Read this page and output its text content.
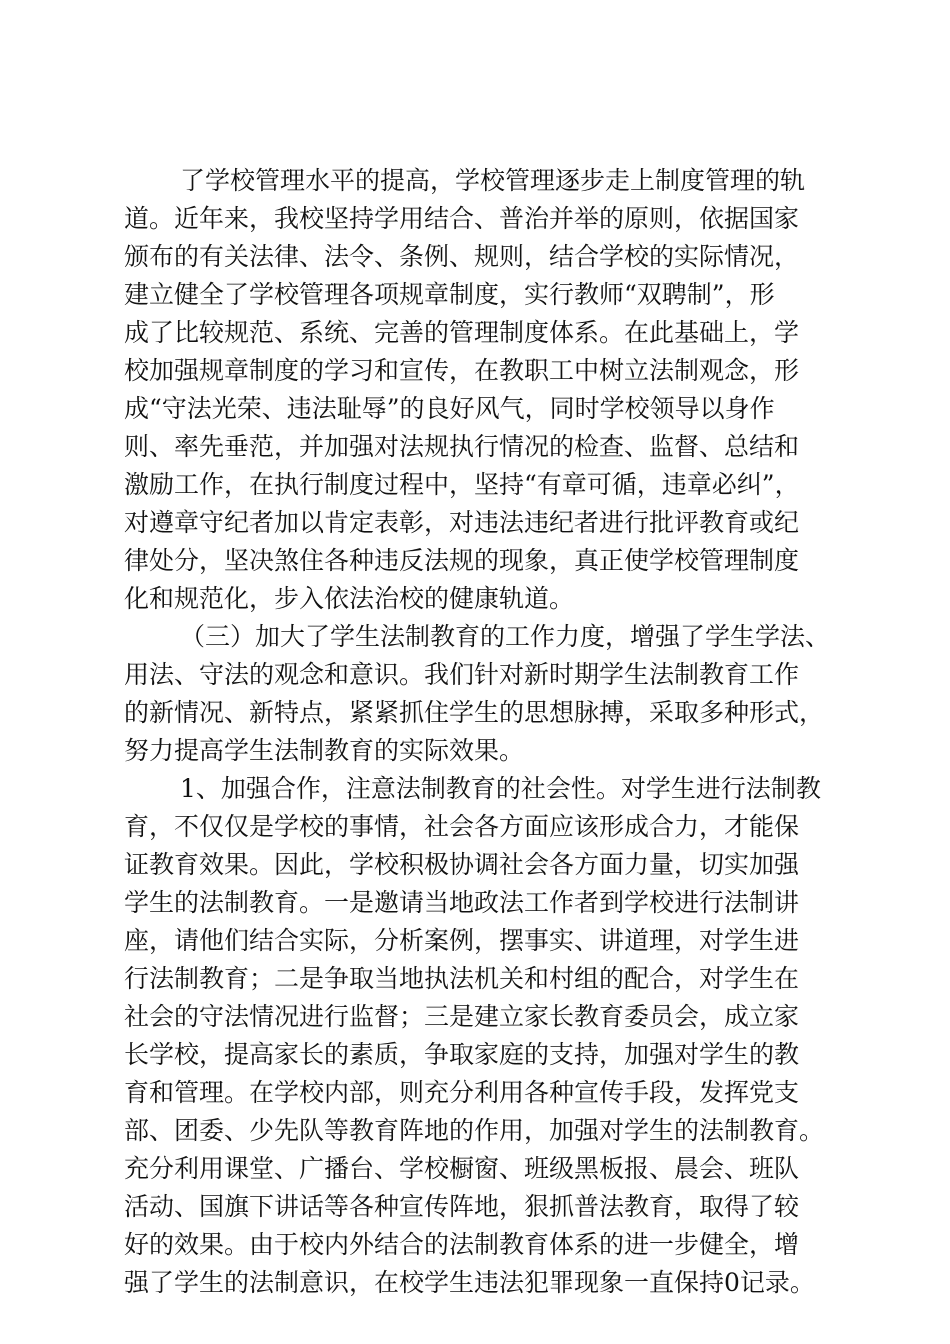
了学校管理水平的提高，学校管理逐步走上制度管理的轨
道。近年来，我校坚持学用结合、普治并举的原则，依据国家
颁布的有关法律、法令、条例、规则，结合学校的实际情况，
建立健全了学校管理各项规章制度，实行教师“双聘制”，形
成了比较规范、系统、完善的管理制度体系。在此基础上，学
校加强规章制度的学习和宣传，在教职工中树立法制观念，形
成“守法光荣、违法耻辱”的良好风气，同时学校领导以身作
则、率先垂范，并加强对法规执行情况的检查、监督、总结和
激励工作，在执行制度过程中，坚持“有章可循，违章必纠”，
对遵章守纪者加以肯定表彰，对违法违纪者进行批评教育或纪
律处分，坚决煞住各种违反法规的现象，真正使学校管理制度
化和规范化，步入依法治校的健康轨道。
（三）加大了学生法制教育的工作力度，增强了学生学法、
用法、守法的观念和意识。我们针对新时期学生法制教育工作
的新情况、新特点，紧紧抓住学生的思想脉搏，采取多种形式，
努力提高学生法制教育的实际效果。
1、加强合作，注意法制教育的社会性。对学生进行法制教
育，不仅仅是学校的事情，社会各方面应该形成合力，才能保
证教育效果。因此，学校积极协调社会各方面力量，切实加强
学生的法制教育。一是邀请当地政法工作者到学校进行法制讲
座，请他们结合实际，分析案例，摆事实、讲道理，对学生进
行法制教育；二是争取当地执法机关和村组的配合，对学生在
社会的守法情况进行监督；三是建立家长教育委员会，成立家
长学校，提高家长的素质，争取家庭的支持，加强对学生的教
育和管理。在学校内部，则充分利用各种宣传手段，发挥党支
部、团委、少先队等教育阵地的作用，加强对学生的法制教育。
充分利用课堂、广播台、学校橱窗、班级黑板报、晨会、班队
活动、国旗下讲话等各种宣传阵地，狠抓普法教育，取得了较
好的效果。由于校内外结合的法制教育体系的进一步健全，增
强了学生的法制意识，在校学生违法犯罪现象一直保持0记录。
